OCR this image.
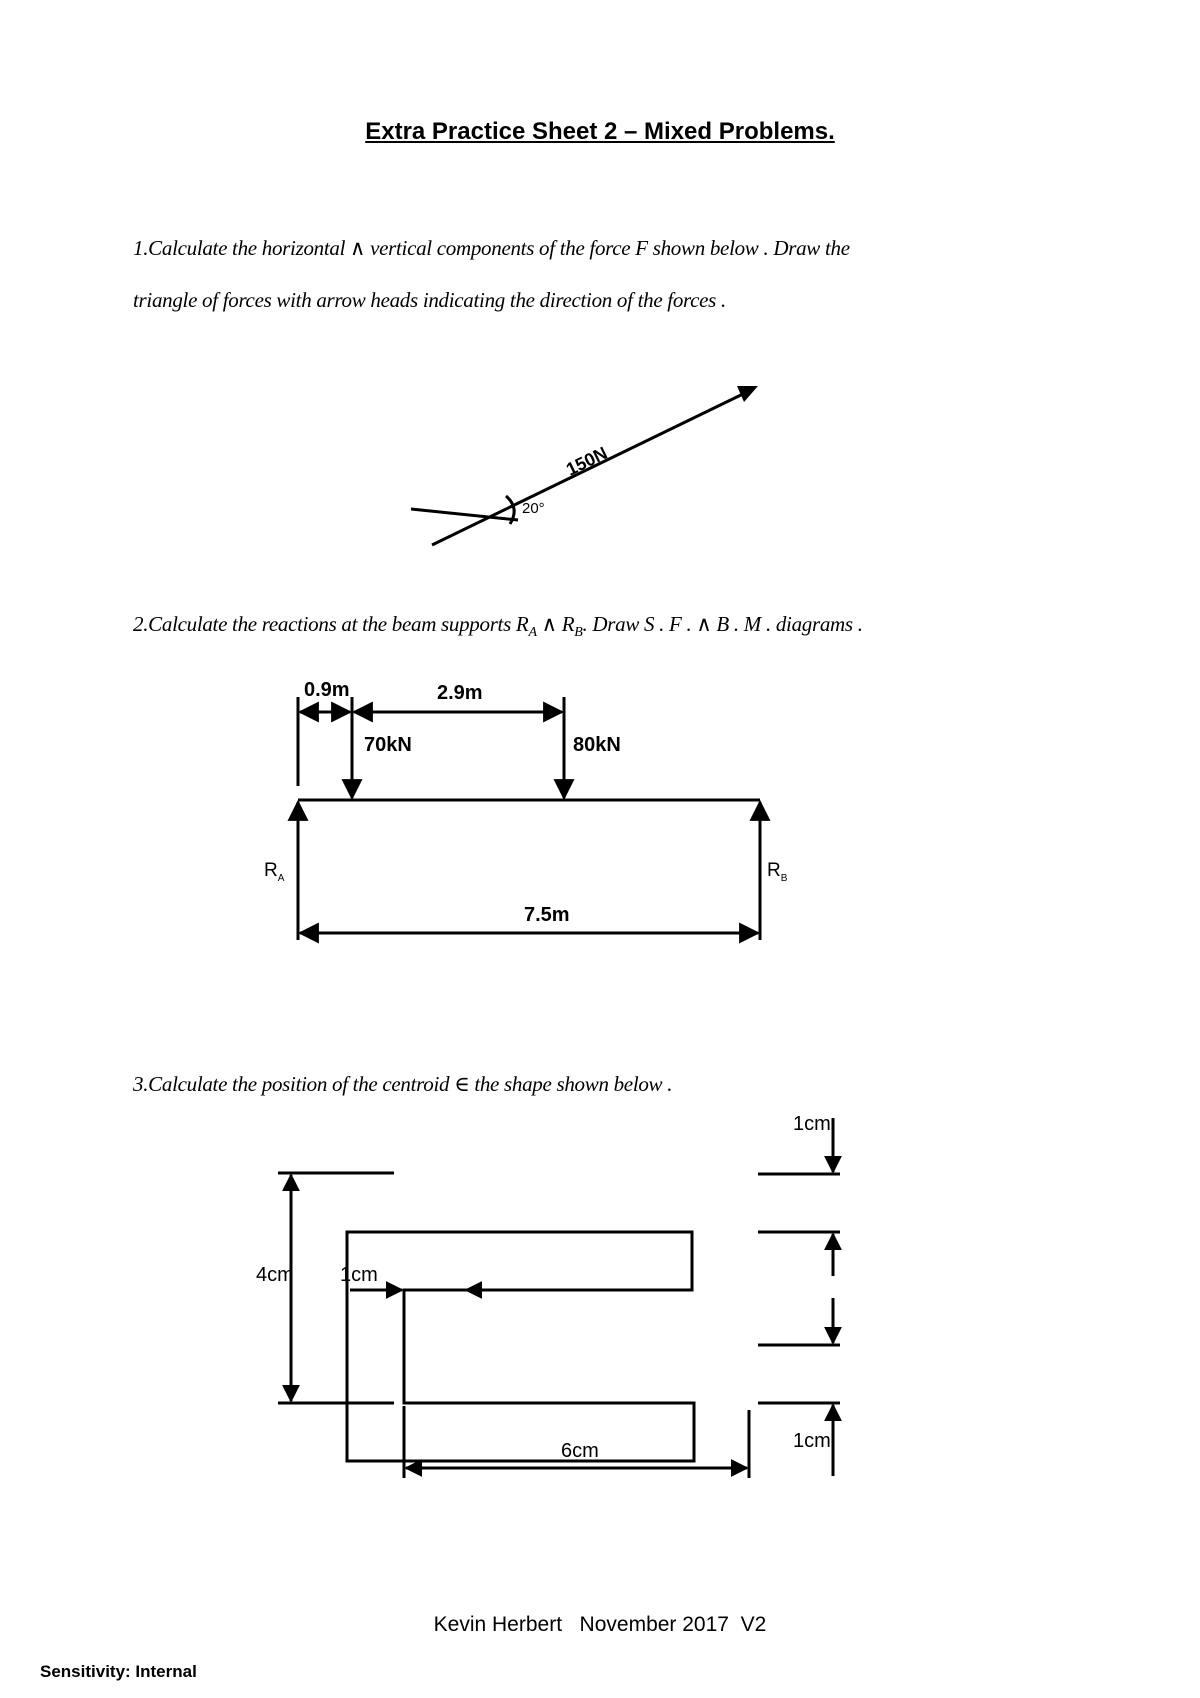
Extra Practice Sheet 2 – Mixed Problems.
1.Calculate the horizontal ∧ vertical components of the force F shown below . Draw the
triangle of forces with arrow heads indicating the direction of the forces .
150N
20°
2.Calculate the reactions at the beam supports $R_A$ ∧ $R_B$. Draw S . F . ∧ B . M . diagrams .
0.9m	2.9m
70kN	80kN
$R_A$	$R_B$
7.5m
3.Calculate the position of the centroid ∈ the shape shown below .
1cm
4cm 1cm
6cm	1cm
Kevin Herbert   November 2017  V2
Sensitivity: Internal
